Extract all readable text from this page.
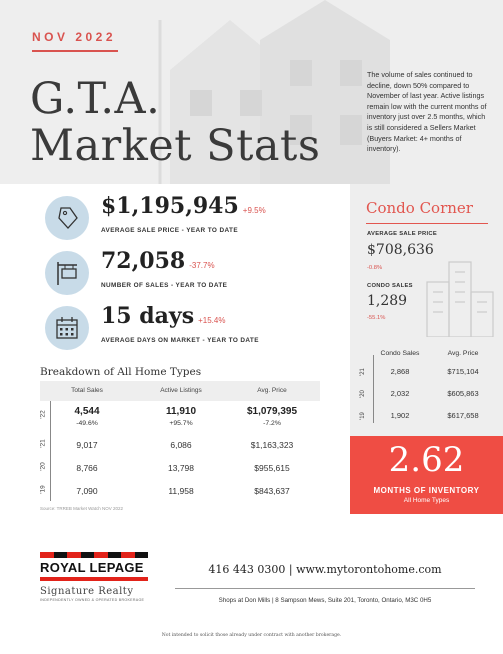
NOV 2022
G.T.A.
Market Stats
The volume of sales continued to decline, down 50% compared to November of last year. Active listings remain low with the current months of inventory just over 2.5 months, which is still considered a Sellers Market (Buyers Market: 4+ months of inventory).
$1,195,945 +9.5%
AVERAGE SALE PRICE - YEAR TO DATE
72,058 -37.7%
NUMBER OF SALES - YEAR TO DATE
15 days +15.4%
AVERAGE DAYS ON MARKET - YEAR TO DATE
Breakdown of All Home Types
Total Sales	Active Listings	Avg. Price
'22	4,544	11,910	$1,079,395
-49.6%	+95.7%	-7.2%
'21	9,017	6,086	$1,163,323
'20	8,766	13,798	$955,615
'19	7,090	11,958	$843,637
Source: TRREB Market Watch NOV 2022
Condo Corner
AVERAGE SALE PRICE
$708,636
-0.8%
CONDO SALES
1,289
-55.1%
Condo Sales	Avg. Price
'21	2,868	$715,104
'20	2,032	$605,863
'19	1,902	$617,658
2.62
MONTHS OF INVENTORY
All Home Types
ROYAL LEPAGE
Signature Realty
INDEPENDENTLY OWNED & OPERATED BROKERAGE
416 443 0300 | www.mytorontohome.com
Shops at Don Mills | 8 Sampson Mews, Suite 201, Toronto, Ontario, M3C 0H5
Not intended to solicit those already under contract with another brokerage.
